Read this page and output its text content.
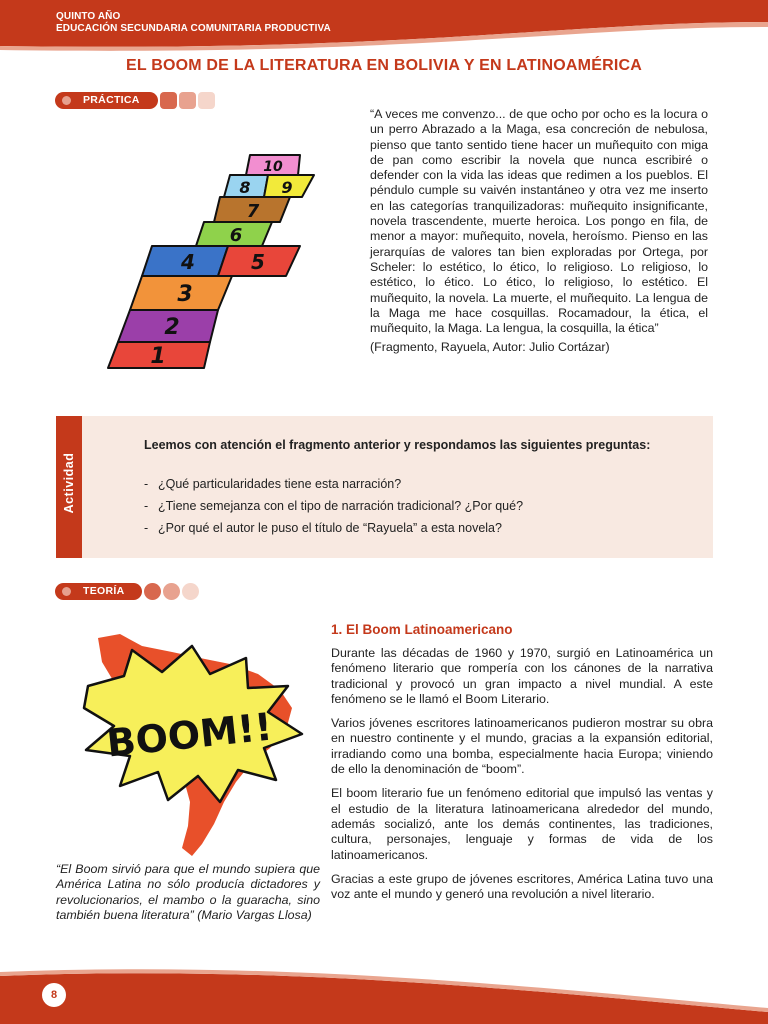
QUINTO AÑO
EDUCACIÓN SECUNDARIA COMUNITARIA PRODUCTIVA
EL BOOM DE LA LITERATURA EN BOLIVIA Y EN LATINOAMÉRICA
PRÁCTICA
1
2
3
4	5
6
7
8 9
10
“A veces me convenzo... de que ocho por ocho es la locura o un perro Abrazado a la Maga, esa concreción de nebulosa, pienso que tanto sentido tiene hacer un muñequito con miga de pan como escribir la novela que nunca escribiré o defender con la vida las ideas que redimen a los pueblos. El péndulo cumple su vaivén instantáneo y otra vez me inserto en las categorías tranquilizadoras: muñequito insignificante, novela trascendente, muerte heroica. Los pongo en fila, de menor a mayor: muñequito, novela, heroísmo. Pienso en las jerarquías de valores tan bien exploradas por Ortega, por Scheler: lo estético, lo ético, lo religioso. Lo religioso, lo estético, lo ético. Lo ético, lo religioso, lo estético. El muñequito, la novela. La muerte, el muñequito. La lengua de la Maga me hace cosquillas. Rocamadour, la ética, el muñequito, la Maga. La lengua, la cosquilla, la ética”
(Fragmento, Rayuela, Autor: Julio Cortázar)
Actividad
Leemos con atención el fragmento anterior y respondamos las siguientes preguntas:
- ¿Qué particularidades tiene esta narración?
- ¿Tiene semejanza con el tipo de narración tradicional? ¿Por qué?
- ¿Por qué el autor le puso el título de “Rayuela” a esta novela?
TEORÍA
BOOM!!
“El Boom sirvió para que el mundo supiera que América Latina no sólo producía dictadores y revolucionarios, el mambo o la guaracha, sino también buena literatura” (Mario Vargas Llosa)
1. El Boom Latinoamericano

Durante las décadas de 1960 y 1970, surgió en Latinoamérica un fenómeno literario que rompería con los cánones de la narrativa tradicional y provocó un gran impacto a nivel mundial. A este fenómeno se le llamó el Boom Literario.

Varios jóvenes escritores latinoamericanos pudieron mostrar su obra en nuestro continente y el mundo, gracias a la expansión editorial, irradiando como una bomba, especialmente hacia Europa; viniendo de ello la denominación de “boom”.

El boom literario fue un fenómeno editorial que impulsó las ventas y el estudio de la literatura latinoamericana alrededor del mundo, además socializó, ante los demás continentes, las tradiciones, cultura, personajes, lenguaje y formas de vida de los latinoamericanos.

Gracias a este grupo de jóvenes escritores, América Latina tuvo una voz ante el mundo y generó una revolución a nivel literario.

8
